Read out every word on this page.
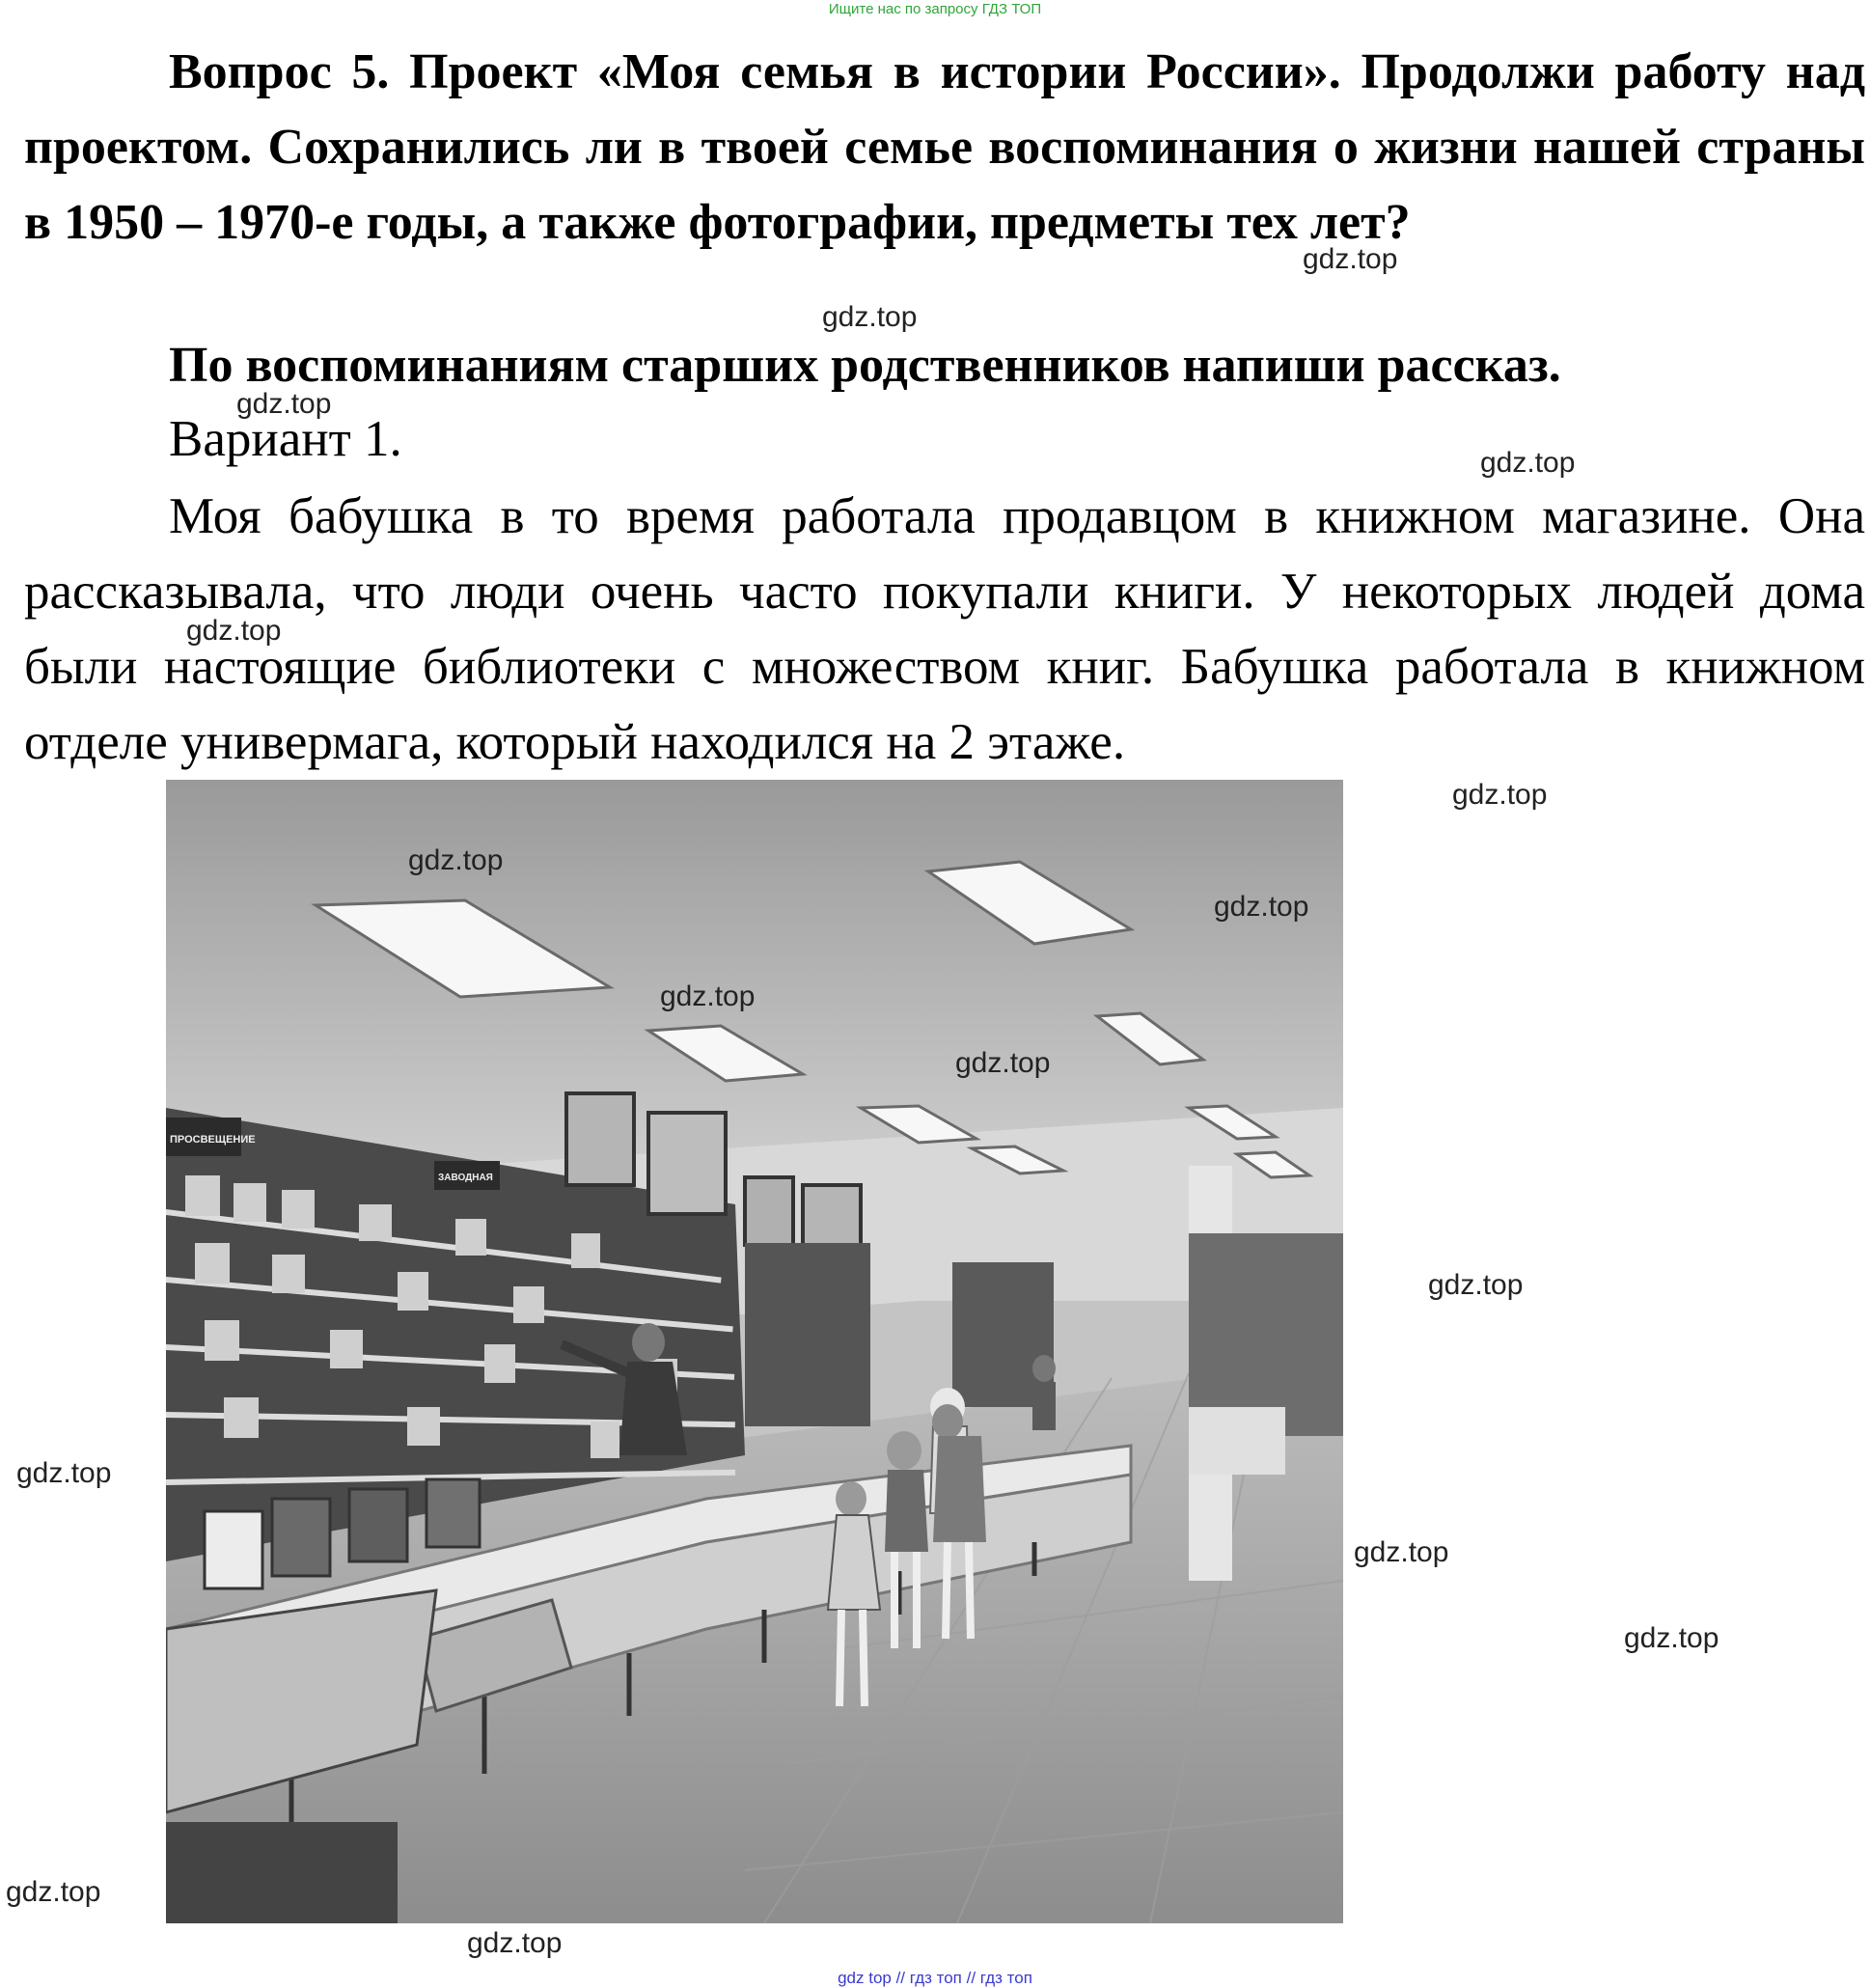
Ищите нас по запросу ГДЗ ТОП

Вопрос 5. Проект «Моя семья в истории России». Продолжи работу над проектом. Сохранились ли в твоей семье воспоминания о жизни нашей страны в 1950 – 1970-е годы, а также фотографии, предметы тех лет?

По воспоминаниям старших родственников напиши рассказ.

Вариант 1.

Моя бабушка в то время работала продавцом в книжном магазине. Она рассказывала, что люди очень часто покупали книги. У некоторых людей дома были настоящие библиотеки с множеством книг. Бабушка работала в книжном отделе универмага, который находился на 2 этаже.

ПРОСВЕЩЕНИЕ
ЗАВОДНАЯ
gdz.top
gdz.top
gdz.top
gdz.top
gdz.top
gdz.top
gdz.top
gdz.top
gdz.top
gdz.top
gdz.top
gdz.top
gdz.top
gdz.top
gdz.top
gdz.top
gdz top // гдз топ // гдз топ
